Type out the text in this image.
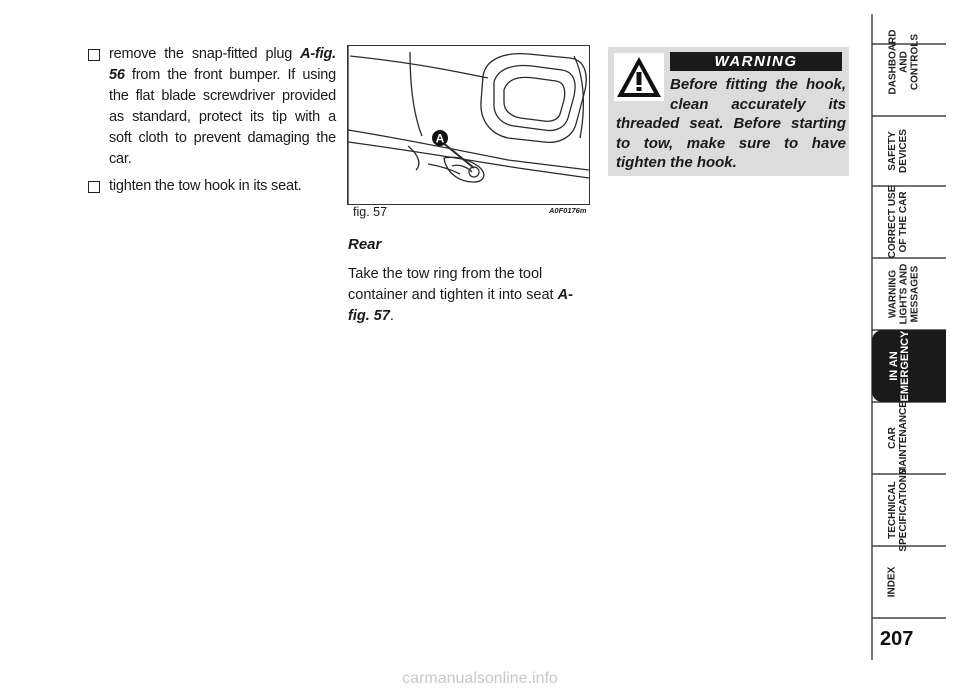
remove the snap-fitted plug A-fig. 56 from the front bumper. If using the flat blade screwdriver provided as standard, protect its tip with a soft cloth to prevent damaging the car.
tighten the tow hook in its seat.
A
fig. 57	A0F0176m
Rear
Take the tow ring from the tool container and tighten it into seat A-fig. 57.
WARNING
Before fitting the hook, clean accurately its
threaded seat. Before starting to tow, make sure to have tighten the hook.
DASHBOARD
AND
CONTROLS
SAFETY
DEVICES
CORRECT USE
OF THE CAR
WARNING
LIGHTS AND
MESSAGES
IN AN
EMERGENCY
CAR
MAINTENANCE
TECHNICAL
SPECIFICATIONS
INDEX
207
carmanualsonline.info
